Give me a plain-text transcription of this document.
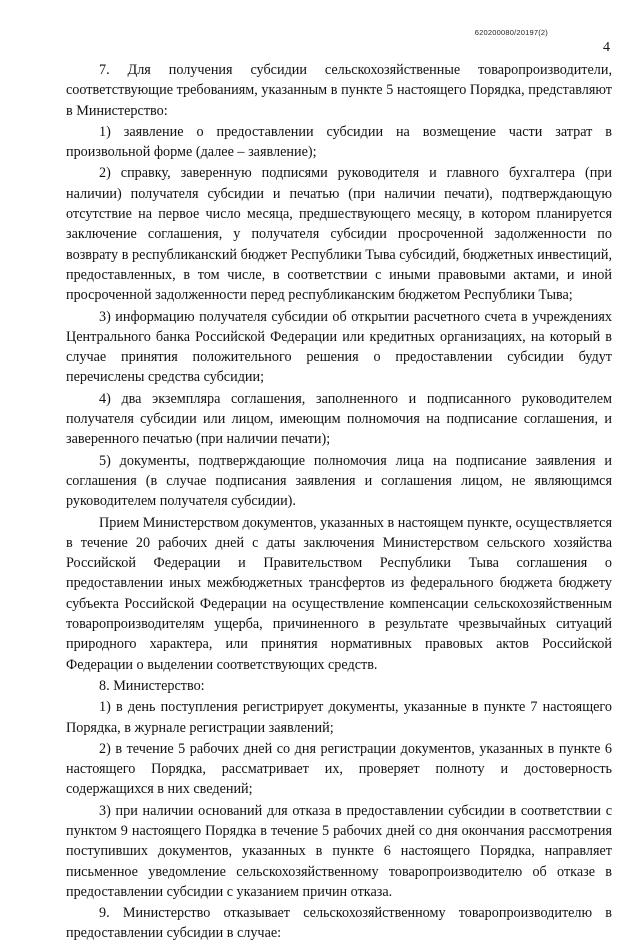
620200080/20197(2)
4

7. Для получения субсидии сельскохозяйственные товаропроизводители, соответствующие требованиям, указанным в пункте 5 настоящего Порядка, представляют в Министерство:

1) заявление о предоставлении субсидии на возмещение части затрат в произвольной форме (далее – заявление);

2) справку, заверенную подписями руководителя и главного бухгалтера (при наличии) получателя субсидии и печатью (при наличии печати), подтверждающую отсутствие на первое число месяца, предшествующего месяцу, в котором планируется заключение соглашения, у получателя субсидии просроченной задолженности по возврату в республиканский бюджет Республики Тыва субсидий, бюджетных инвестиций, предоставленных, в том числе, в соответствии с иными правовыми актами, и иной просроченной задолженности перед республиканским бюджетом Республики Тыва;

3) информацию получателя субсидии об открытии расчетного счета в учреждениях Центрального банка Российской Федерации или кредитных организациях, на который в случае принятия положительного решения о предоставлении субсидии будут перечислены средства субсидии;

4) два экземпляра соглашения, заполненного и подписанного руководителем получателя субсидии или лицом, имеющим полномочия на подписание соглашения, и заверенного печатью (при наличии печати);

5) документы, подтверждающие полномочия лица на подписание заявления и соглашения (в случае подписания заявления и соглашения лицом, не являющимся руководителем получателя субсидии).

Прием Министерством документов, указанных в настоящем пункте, осуществляется в течение 20 рабочих дней с даты заключения Министерством сельского хозяйства Российской Федерации и Правительством Республики Тыва соглашения о предоставлении иных межбюджетных трансфертов из федерального бюджета бюджету субъекта Российской Федерации на осуществление компенсации сельскохозяйственным товаропроизводителям ущерба, причиненного в результате чрезвычайных ситуаций природного характера, или принятия нормативных правовых актов Российской Федерации о выделении соответствующих средств.

8. Министерство:

1) в день поступления регистрирует документы, указанные в пункте 7 настоящего Порядка, в журнале регистрации заявлений;

2) в течение 5 рабочих дней со дня регистрации документов, указанных в пункте 6 настоящего Порядка, рассматривает их, проверяет полноту и достоверность содержащихся в них сведений;

3) при наличии оснований для отказа в предоставлении субсидии в соответствии с пунктом 9 настоящего Порядка в течение 5 рабочих дней со дня окончания рассмотрения поступивших документов, указанных в пункте 6 настоящего Порядка, направляет письменное уведомление сельскохозяйственному товаропроизводителю об отказе в предоставлении субсидии с указанием причин отказа.

9. Министерство отказывает сельскохозяйственному товаропроизводителю в предоставлении субсидии в случае:
